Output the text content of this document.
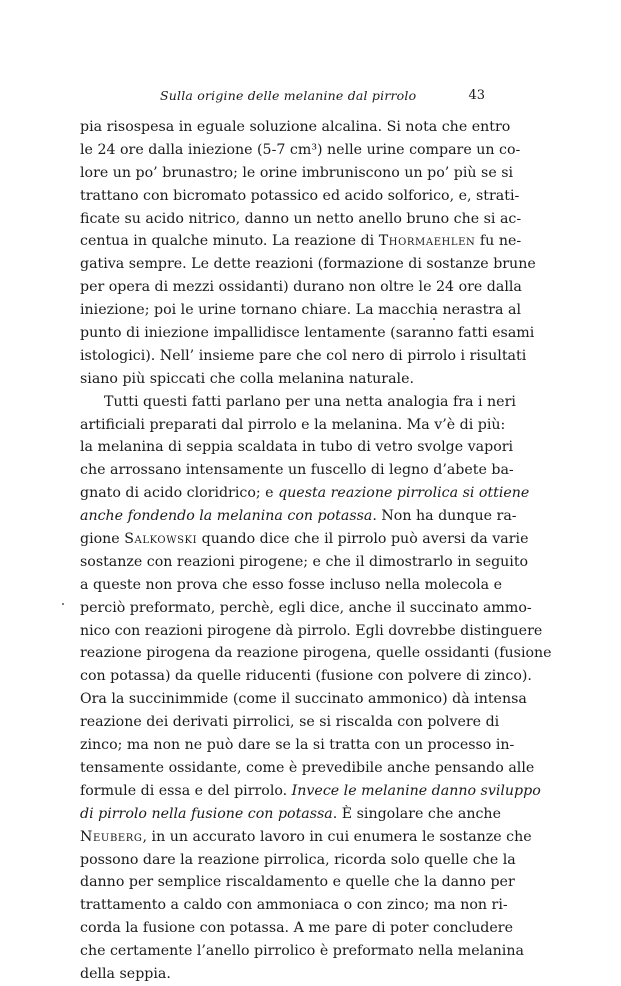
Sulla origine delle melanine dal pirrolo	43
pia risospesa in eguale soluzione alcalina. Si nota che entro
le 24 ore dalla iniezione (5-7 cm³) nelle urine compare un co-
lore un po’ brunastro; le orine imbruniscono un po’ più se si
trattano con bicromato potassico ed acido solforico, e, strati-
ficate su acido nitrico, danno un netto anello bruno che si ac-
centua in qualche minuto. La reazione di Thormaehlen fu ne-
gativa sempre. Le dette reazioni (formazione di sostanze brune
per opera di mezzi ossidanti) durano non oltre le 24 ore dalla
iniezione; poi le urine tornano chiare. La macchia nerastra al
punto di iniezione impallidisce lentamente (saranno fatti esami
istologici). Nell’ insieme pare che col nero di pirrolo i risultati
siano più spiccati che colla melanina naturale.
Tutti questi fatti parlano per una netta analogia fra i neri
artificiali preparati dal pirrolo e la melanina. Ma v’è di più:
la melanina di seppia scaldata in tubo di vetro svolge vapori
che arrossano intensamente un fuscello di legno d’abete ba-
gnato di acido cloridrico; e questa reazione pirrolica si ottiene
anche fondendo la melanina con potassa. Non ha dunque ra-
gione Salkowski quando dice che il pirrolo può aversi da varie
sostanze con reazioni pirogene; e che il dimostrarlo in seguito
a queste non prova che esso fosse incluso nella molecola e
perciò preformato, perchè, egli dice, anche il succinato ammo-
nico con reazioni pirogene dà pirrolo. Egli dovrebbe distinguere
reazione pirogena da reazione pirogena, quelle ossidanti (fusione
con potassa) da quelle riducenti (fusione con polvere di zinco).
Ora la succinimmide (come il succinato ammonico) dà intensa
reazione dei derivati pirrolici, se si riscalda con polvere di
zinco; ma non ne può dare se la si tratta con un processo in-
tensamente ossidante, come è prevedibile anche pensando alle
formule di essa e del pirrolo. Invece le melanine danno sviluppo
di pirrolo nella fusione con potassa. È singolare che anche
Neuberg, in un accurato lavoro in cui enumera le sostanze che
possono dare la reazione pirrolica, ricorda solo quelle che la
danno per semplice riscaldamento e quelle che la danno per
trattamento a caldo con ammoniaca o con zinco; ma non ri-
corda la fusione con potassa. A me pare di poter concludere
che certamente l’anello pirrolico è preformato nella melanina
della seppia.
